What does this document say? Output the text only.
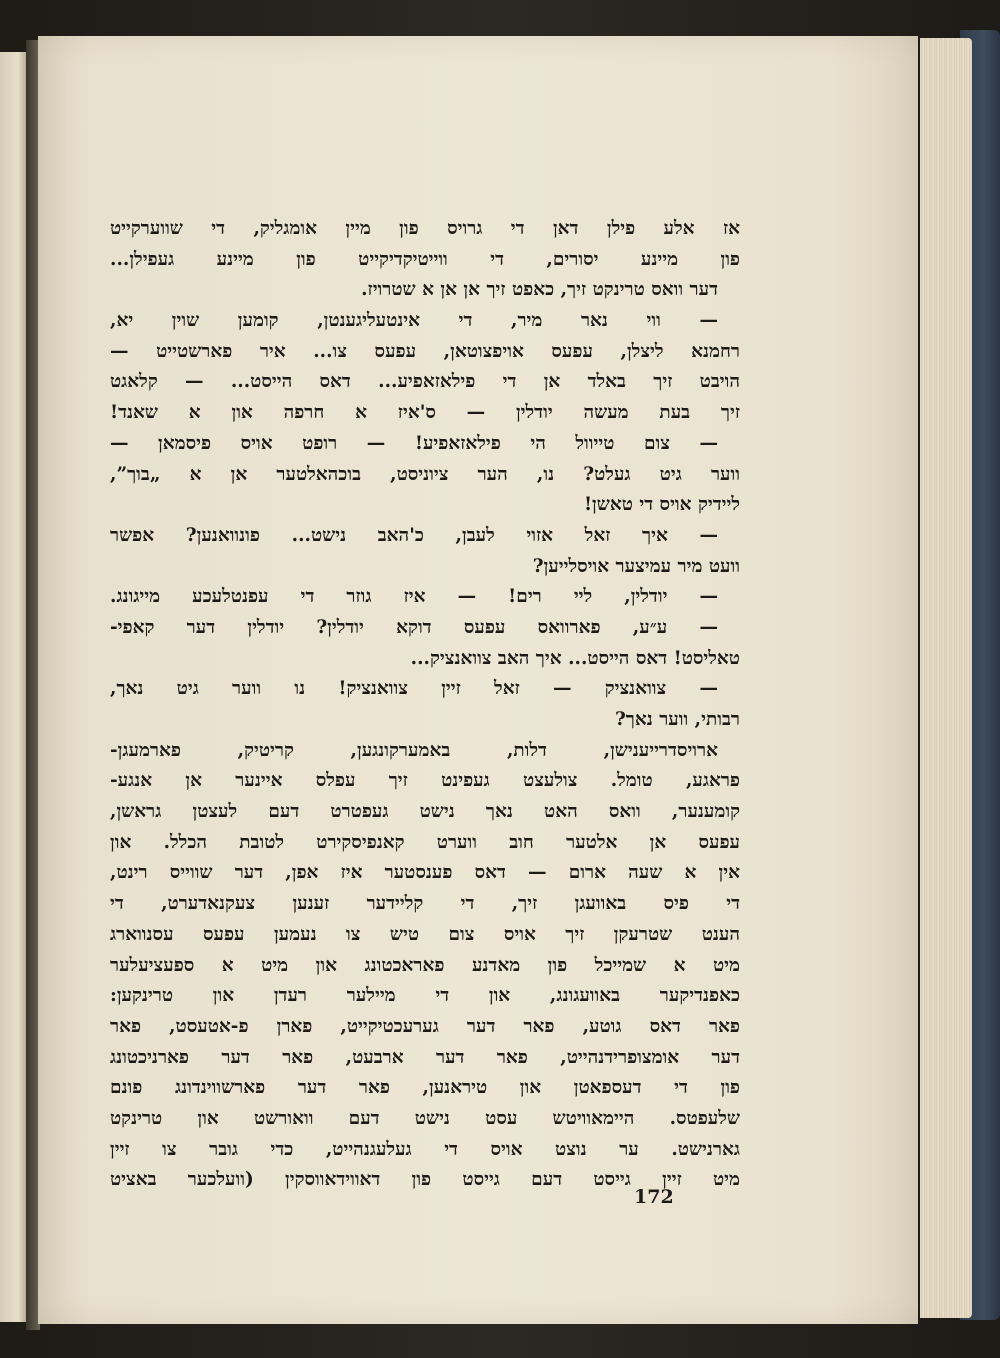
אז אלע פילן דאן די גרויס פון מיין אומגליק, די שווערקייט
פון מיינע יסורים, די ווייטיקדיקייט פון מיינע געפילן...
דער וואס טרינקט זיך, כאפט זיך אן אן א שטרויז.
— ווי נאר מיר, די אינטעליגענטן, קומען שוין יא,
רחמנא ליצלן, עפעס אויפצוטאן, עפעס צו... איר פארשטייט —
הויבט זיך באלד אן די פילאזאפיע... דאס הייסט... — קלאגט
זיך בעת מעשה יודלין — ס'איז א חרפה און א שאנד!
— צום טייוול הי פילאזאפיע! — רופט אויס פיסמאן —
ווער גיט געלט? נו, הער ציוניסט, בוכהאלטער אן א „בוך”,
ליידיק אויס די טאשן!
— איך זאל אזוי לעבן, כ'האב נישט... פונוואנען? אפשר
וועט מיר עמיצער אויסלייען?
— יודלין, ליי רים! — איז גוזר די עפנטלעכע מייגונג.
— ע״ע, פארוואס עפעס דוקא יודלין? יודלין דער קאפי-
טאליסט! דאס הייסט... איך האב צוואנציק...
— צוואנציק — זאל זיין צוואנציק! נו ווער גיט נאך,
רבותי, ווער נאך?
ארויסדרייענישן, דלות, באמערקונגען, קריטיק, פארמעגן-
פראגע, טומל. צולעצט געפינט זיך עפלס איינער אן אנגע-
קומענער, וואס האט נאך נישט געפטרט דעם לעצטן גראשן,
עפעס אן אלטער חוב ווערט קאנפיסקירט לטובת הכלל. און
אין א שעה ארום — דאס פענסטער איז אפן, דער שווייס רינט,
די פיס באוועגן זיך, די קליידער זענען צעקנאדערט, די
הענט שטרעקן זיך אויס צום טיש צו נעמען עפעס עסנווארג
מיט א שמייכל פון מאדנע פאראכטונג און מיט א ספעציעלער
כאפנדיקער באוועגונג, און די מיילער רעדן און טרינקען:
פאר דאס גוטע, פאר דער גערעכטיקייט, פארן פ-אטעסט, פאר
דער אומצופרידנהייט, פאר דער ארבעט, פאר דער פארניכטונג
פון די דעספאטן און טיראנען, פאר דער פארשווינדונג פונם
שלעפטס. היימאוויטש עסט נישט דעם וואורשט און טרינקט
גארנישט. ער נוצט אויס די געלעגנהייט, כדי גובר צו זיין
מיט זיין גייסט דעם גייסט פון דאווידאווסקין (וועלכער באציט
172
